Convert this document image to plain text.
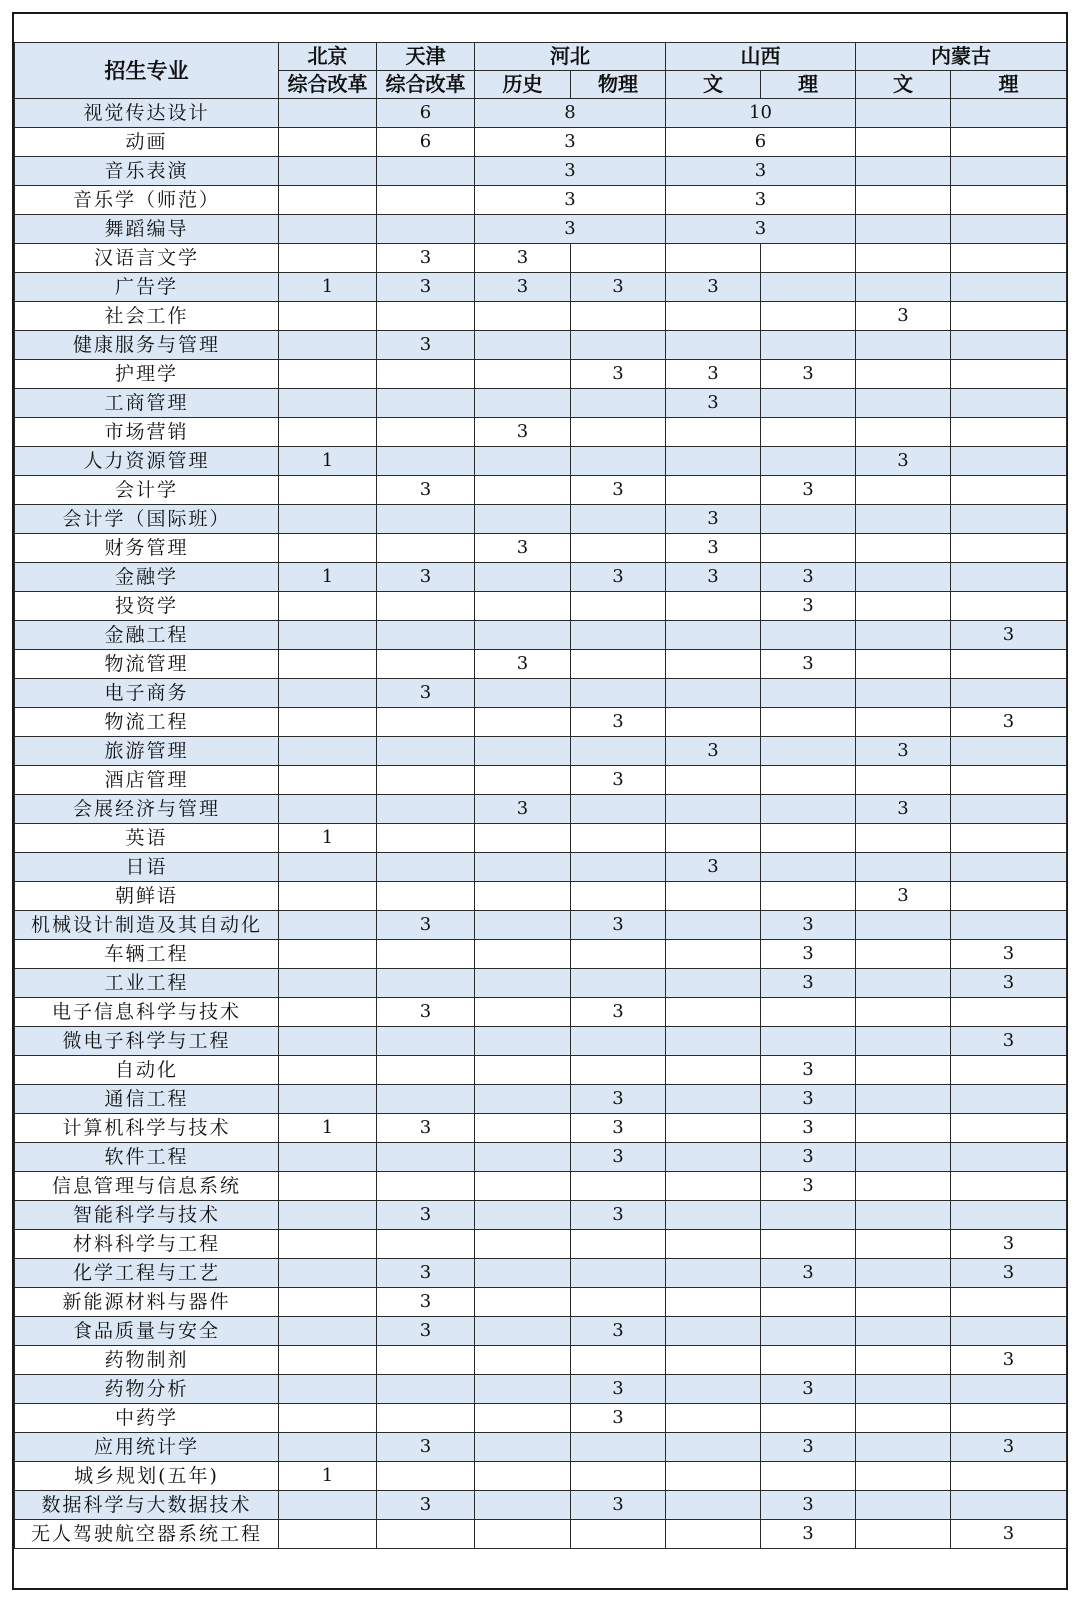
招生专业	北京	天津	河北		山西		内蒙古	
	综合改革	综合改革	历史	物理	文	理	文	理
视觉传达设计		6	8		10			
动画		6	3		6			
音乐表演			3		3			
音乐学（师范）			3		3			
舞蹈编导			3		3			
汉语言文学		3	3					
广告学	1	3	3	3	3			
社会工作							3	
健康服务与管理		3						
护理学				3	3	3		
工商管理					3			
市场营销			3					
人力资源管理	1						3	
会计学		3		3		3		
会计学（国际班）					3			
财务管理			3		3			
金融学	1	3		3	3	3		
投资学						3		
金融工程								3
物流管理			3			3		
电子商务		3						
物流工程				3				3
旅游管理					3		3	
酒店管理				3				
会展经济与管理			3				3	
英语	1							
日语					3			
朝鲜语							3	
机械设计制造及其自动化		3		3		3		
车辆工程						3		3
工业工程						3		3
电子信息科学与技术		3		3				
微电子科学与工程								3
自动化						3		
通信工程				3		3		
计算机科学与技术	1	3		3		3		
软件工程				3		3		
信息管理与信息系统						3		
智能科学与技术		3		3				
材料科学与工程								3
化学工程与工艺		3				3		3
新能源材料与器件		3						
食品质量与安全		3		3				
药物制剂								3
药物分析				3		3		
中药学				3				
应用统计学		3				3		3
城乡规划(五年)	1							
数据科学与大数据技术		3		3		3		
无人驾驶航空器系统工程						3		3
